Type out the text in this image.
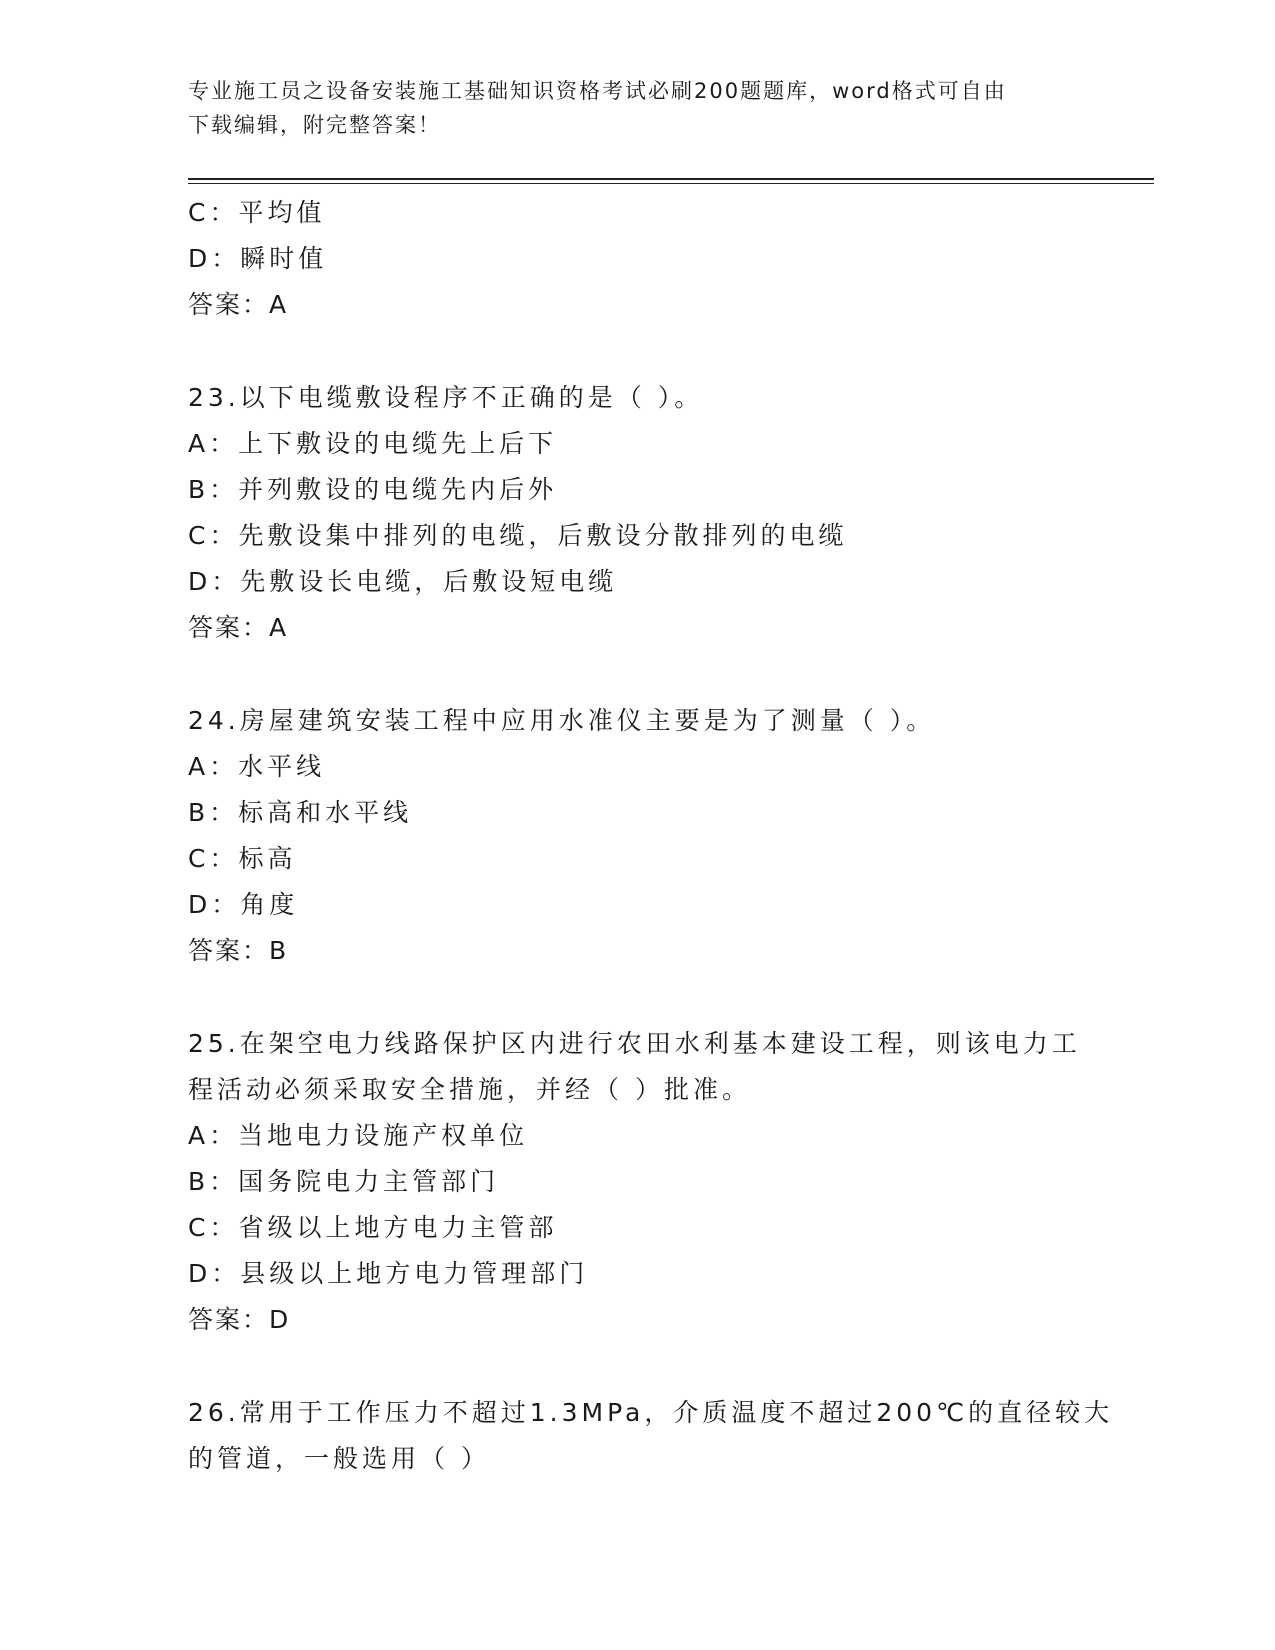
专业施工员之设备安装施工基础知识资格考试必刷200题题库，word格式可自由
下载编辑，附完整答案！
C：平均值
D：瞬时值
答案：A
23.以下电缆敷设程序不正确的是（ ）。
A：上下敷设的电缆先上后下
B：并列敷设的电缆先内后外
C：先敷设集中排列的电缆，后敷设分散排列的电缆
D：先敷设长电缆，后敷设短电缆
答案：A
24.房屋建筑安装工程中应用水准仪主要是为了测量（ ）。
A：水平线
B：标高和水平线
C：标高
D：角度
答案：B
25.在架空电力线路保护区内进行农田水利基本建设工程，则该电力工
程活动必须采取安全措施，并经（ ）批准。
A：当地电力设施产权单位
B：国务院电力主管部门
C：省级以上地方电力主管部
D：县级以上地方电力管理部门
答案：D
26.常用于工作压力不超过1.3MPa，介质温度不超过200℃的直径较大
的管道，一般选用（ ）
